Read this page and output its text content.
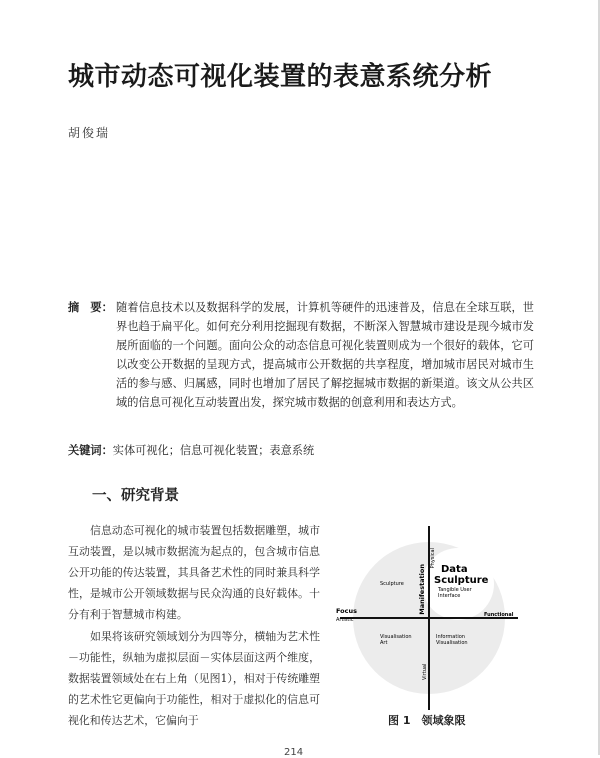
城市动态可视化装置的表意系统分析
胡俊瑞
摘　要： 随着信息技术以及数据科学的发展，计算机等硬件的迅速普及，信息在全球互联，世界也趋于扁平化。如何充分利用挖掘现有数据，不断深入智慧城市建设是现今城市发展所面临的一个问题。面向公众的动态信息可视化装置则成为一个很好的载体，它可以改变公开数据的呈现方式，提高城市公开数据的共享程度，增加城市居民对城市生活的参与感、归属感，同时也增加了居民了解挖掘城市数据的新渠道。该文从公共区域的信息可视化互动装置出发，探究城市数据的创意利用和表达方式。
关键词：实体可视化；信息可视化装置；表意系统
一、研究背景
信息动态可视化的城市装置包括数据雕塑，城市互动装置，是以城市数据流为起点的，包含城市信息公开功能的传达装置，其具备艺术性的同时兼具科学性，是城市公开领域数据与民众沟通的良好载体。十分有利于智慧城市构建。
如果将该研究领域划分为四等分，横轴为艺术性－功能性，纵轴为虚拟层面－实体层面这两个维度，数据装置领域处在右上角（见图1），相对于传统雕塑的艺术性它更偏向于功能性，相对于虚拟化的信息可视化和传达艺术，它偏向于
Manifestation
Physical
Virtual
Focus
Artistic
Functional
Data
Sculpture
Sculpture
Tangible User
Interface
Visualisation
Art
Information
Visualisation
图 1　领域象限
214
